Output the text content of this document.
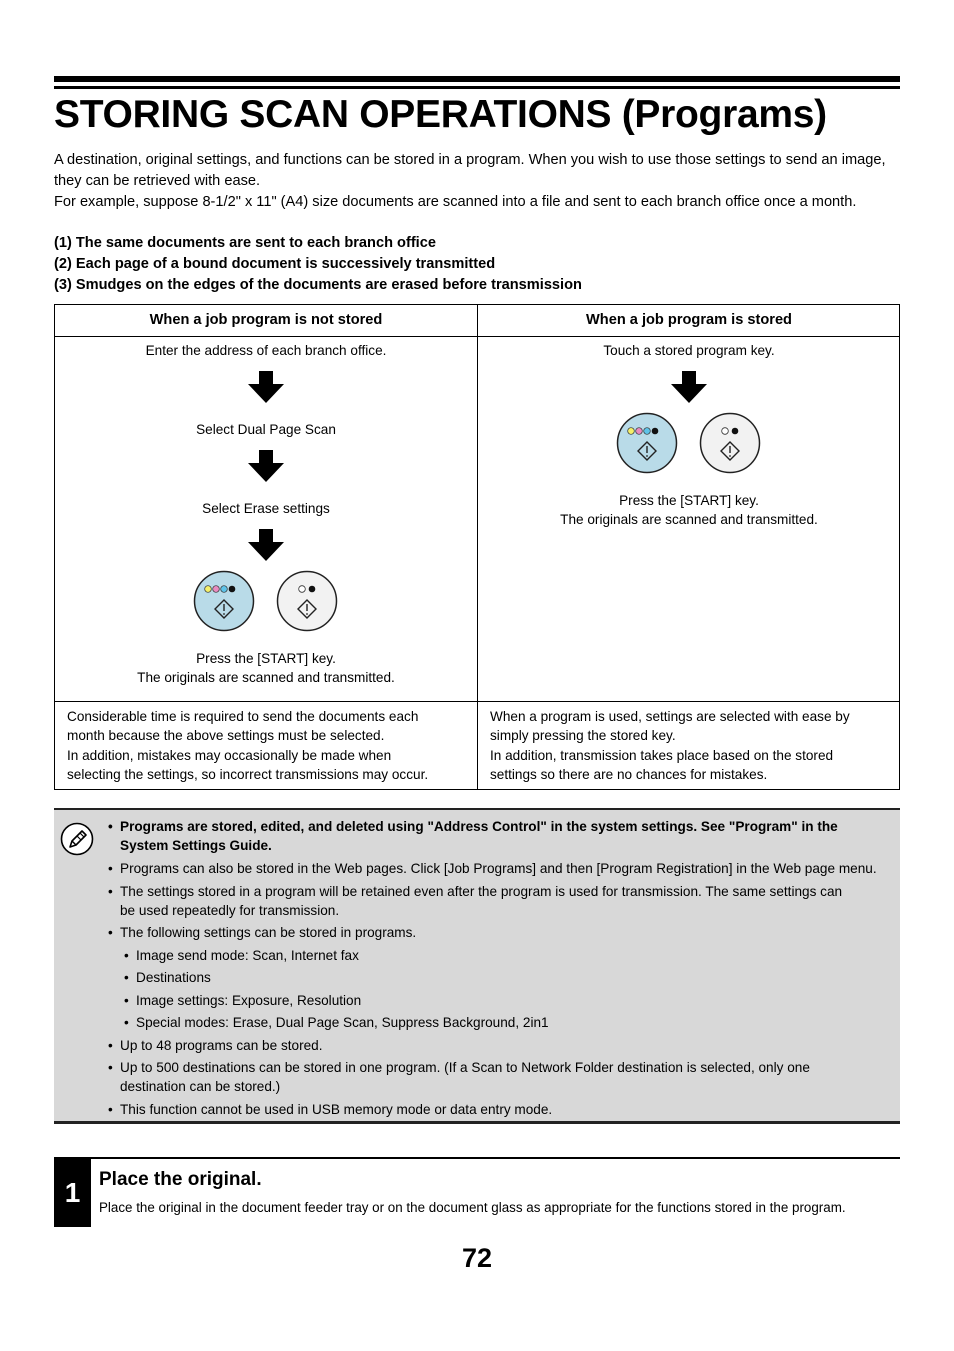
STORING SCAN OPERATIONS (Programs)

A destination, original settings, and functions can be stored in a program. When you wish to use those settings to send an image, they can be retrieved with ease.

For example, suppose 8-1/2" x 11" (A4) size documents are scanned into a file and sent to each branch office once a month.

(1) The same documents are sent to each branch office
(2) Each page of a bound document is successively transmitted
(3) Smudges on the edges of the documents are erased before transmission
When a job program is not stored	When a job program is stored
Enter the address of each branch office.
Select Dual Page Scan
Select Erase settings
Press the [START] key.
The originals are scanned and transmitted.
Touch a stored program key.
Press the [START] key.
The originals are scanned and transmitted.
Considerable time is required to send the documents each
month because the above settings must be selected.
In addition, mistakes may occasionally be made when
selecting the settings, so incorrect transmissions may occur.
When a program is used, settings are selected with ease by
simply pressing the stored key.
In addition, transmission takes place based on the stored
settings so there are no chances for mistakes.
• Programs are stored, edited, and deleted using "Address Control" in the system settings. See "Program" in the
System Settings Guide.
• Programs can also be stored in the Web pages. Click [Job Programs] and then [Program Registration] in the Web page menu.
• The settings stored in a program will be retained even after the program is used for transmission. The same settings can
be used repeatedly for transmission.
• The following settings can be stored in programs.
• Image send mode: Scan, Internet fax
• Destinations
• Image settings: Exposure, Resolution
• Special modes: Erase, Dual Page Scan, Suppress Background, 2in1
• Up to 48 programs can be stored.
• Up to 500 destinations can be stored in one program. (If a Scan to Network Folder destination is selected, only one
destination can be stored.)
• This function cannot be used in USB memory mode or data entry mode.
1 Place the original.

Place the original in the document feeder tray or on the document glass as appropriate for the functions stored in the program.

72
